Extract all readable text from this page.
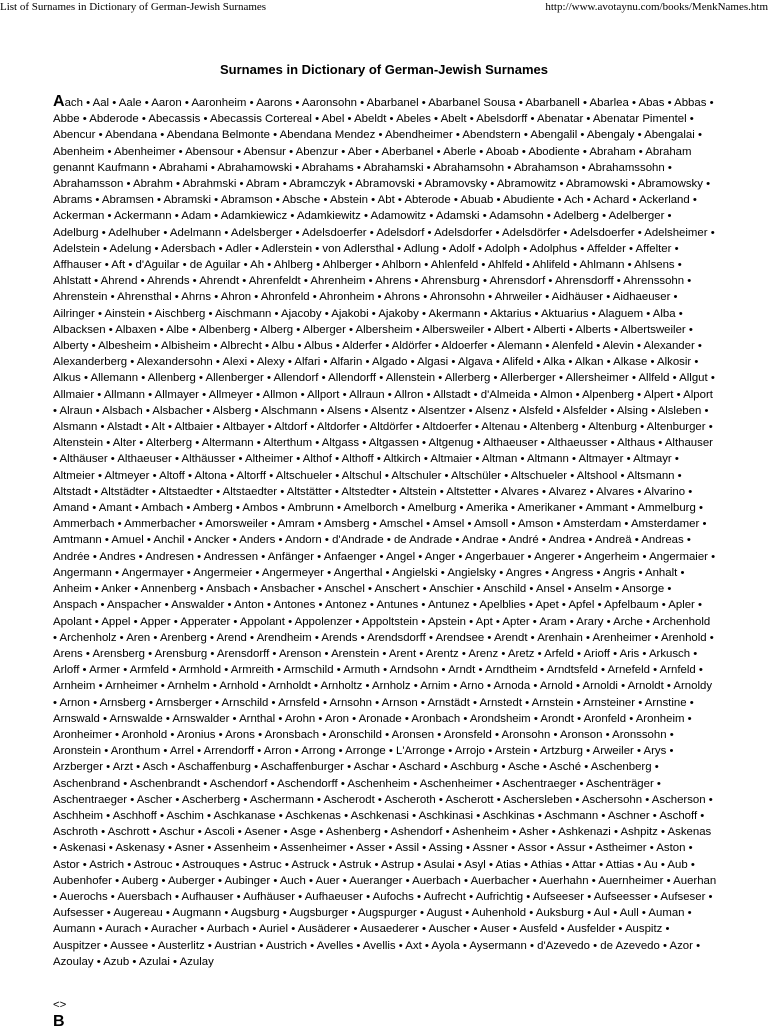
List of Surnames in Dictionary of German-Jewish Surnames	http://www.avotaynu.com/books/MenkNames.htm
Surnames in Dictionary of German-Jewish Surnames

Aach • Aal • Aale • Aaron • Aaronheim • Aarons • Aaronsohn • Abarbanel • Abarbanel Sousa • Abarbanell • Abarlea • Abas • Abbas • Abbe • Abderode • Abecassis • Abecassis Cortereal • Abel • Abeldt • Abeles • Abelt • Abelsdorff • Abenatar • Abenatar Pimentel • Abencur • Abendana • Abendana Belmonte • Abendana Mendez • Abendheimer • Abendstern • Abengalil • Abengaly • Abengalai • Abenheim • Abenheimer • Abensour • Abensur • Abenzur • Aber • Aberbanel • Aberle • Aboab • Abodiente • Abraham • Abraham genannt Kaufmann • Abrahami • Abrahamowski • Abrahams • Abrahamski • Abrahamsohn • Abrahamson • Abrahamssohn • Abrahamsson • Abrahm • Abrahmski • Abram • Abramczyk • Abramovski • Abramovsky • Abramowitz • Abramowski • Abramowsky • Abrams • Abramsen • Abramski • Abramson • Absche • Abstein • Abt • Abterode • Abuab • Abudiente • Ach • Achard • Ackerland • Ackerman • Ackermann • Adam • Adamkiewicz • Adamkiewitz • Adamowitz • Adamski • Adamsohn • Adelberg • Adelberger • Adelburg • Adelhuber • Adelmann • Adelsberger • Adelsdoerfer • Adelsdorf • Adelsdorfer • Adelsdörfer • Adelsdoerfer • Adelsheimer • Adelstein • Adelung • Adersbach • Adler • Adlerstein • von Adlersthal • Adlung • Adolf • Adolph • Adolphus • Affelder • Affelter • Affhauser • Aft • d'Aguilar • de Aguilar • Ah • Ahlberg • Ahlberger • Ahlborn • Ahlenfeld • Ahlfeld • Ahlifeld • Ahlmann • Ahlsens • Ahlstatt • Ahrend • Ahrends • Ahrendt • Ahrenfeldt • Ahrenheim • Ahrens • Ahrensburg • Ahrensdorf • Ahrensdorff • Ahrenssohn • Ahrenstein • Ahrensthal • Ahrns • Ahron • Ahronfeld • Ahronheim • Ahrons • Ahronsohn • Ahrweiler • Aidhäuser • Aidhaeuser • Ailringer • Ainstein • Aischberg • Aischmann • Ajacoby • Ajakobi • Ajakoby • Akermann • Aktarius • Aktuarius • Alaguem • Alba • Albacksen • Albaxen • Albe • Albenberg • Alberg • Alberger • Albersheim • Albersweiler • Albert • Alberti • Alberts • Albertsweiler • Alberty • Albesheim • Albisheim • Albrecht • Albu • Albus • Alderfer • Aldörfer • Aldoerfer • Alemann • Alenfeld • Alevin • Alexander • Alexanderberg • Alexandersohn • Alexi • Alexy • Alfari • Alfarin • Algado • Algasi • Algava • Alifeld • Alka • Alkan • Alkase • Alkosir • Alkus • Allemann • Allenberg • Allenberger • Allendorf • Allendorff • Allenstein • Allerberg • Allerberger • Allersheimer • Allfeld • Allgut • Allmaier • Allmann • Allmayer • Allmeyer • Allmon • Allport • Allraun • Allron • Allstadt • d'Almeida • Almon • Alpenberg • Alpert • Alport • Alraun • Alsbach • Alsbacher • Alsberg • Alschmann • Alsens • Alsentz • Alsentzer • Alsenz • Alsfeld • Alsfelder • Alsing • Alsleben • Alsmann • Alstadt • Alt • Altbaier • Altbayer • Altdorf • Altdorfer • Altdörfer • Altdoerfer • Altenau • Altenberg • Altenburg • Altenburger • Altenstein • Alter • Alterberg • Altermann • Alterthum • Altgass • Altgassen • Altgenug • Althaeuser • Althaeusser • Althaus • Althauser • Althäuser • Althaeuser • Althäusser • Altheimer • Althof • Althoff • Altkirch • Altmaier • Altman • Altmann • Altmayer • Altmayr • Altmeier • Altmeyer • Altoff • Altona • Altorff • Altschueler • Altschul • Altschuler • Altschüler • Altschueler • Altshool • Altsmann • Altstadt • Altstädter • Altstaedter • Altstaedter • Altstätter • Altstedter • Altstein • Altstetter • Alvares • Alvarez • Alvares • Alvarino • Amand • Amant • Ambach • Amberg • Ambos • Ambrunn • Amelborch • Amelburg • Amerika • Amerikaner • Ammant • Ammelburg • Ammerbach • Ammerbacher • Amorsweiler • Amram • Amsberg • Amschel • Amsel • Amsoll • Amson • Amsterdam • Amsterdamer • Amtmann • Amuel • Anchil • Ancker • Anders • Andorn • d'Andrade • de Andrade • Andrae • André • Andrea • Andreä • Andreas • Andrée • Andres • Andresen • Andressen • Anfänger • Anfaenger • Angel • Anger • Angerbauer • Angerer • Angerheim • Angermaier • Angermann • Angermayer • Angermeier • Angermeyer • Angerthal • Angielski • Angielsky • Angres • Angress • Angris • Anhalt • Anheim • Anker • Annenberg • Ansbach • Ansbacher • Anschel • Anschert • Anschier • Anschild • Ansel • Anselm • Ansorge • Anspach • Anspacher • Answalder • Anton • Antones • Antonez • Antunes • Antunez • Apelblies • Apet • Apfel • Apfelbaum • Apler • Apolant • Appel • Apper • Apperater • Appolant • Appolenzer • Appoltstein • Apstein • Apt • Apter • Aram • Arary • Arche • Archenhold • Archenholz • Aren • Arenberg • Arend • Arendheim • Arends • Arendsdorff • Arendsee • Arendt • Arenhain • Arenheimer • Arenhold • Arens • Arensberg • Arensburg • Arensdorff • Arenson • Arenstein • Arent • Arentz • Arenz • Aretz • Arfeld • Arioff • Aris • Arkusch • Arloff • Armer • Armfeld • Armhold • Armreith • Armschild • Armuth • Arndsohn • Arndt • Arndtheim • Arndtsfeld • Arnefeld • Arnfeld • Arnheim • Arnheimer • Arnhelm • Arnhold • Arnholdt • Arnholtz • Arnholz • Arnim • Arno • Arnoda • Arnold • Arnoldi • Arnoldt • Arnoldy • Arnon • Arnsberg • Arnsberger • Arnschild • Arnsfeld • Arnsohn • Arnson • Arnstädt • Arnstedt • Arnstein • Arnsteiner • Arnstine • Arnswald • Arnswalde • Arnswalder • Arnthal • Arohn • Aron • Aronade • Aronbach • Arondsheim • Arondt • Aronfeld • Aronheim • Aronheimer • Aronhold • Aronius • Arons • Aronsbach • Aronschild • Aronsen • Aronsfeld • Aronsohn • Aronson • Aronssohn • Aronstein • Aronthum • Arrel • Arrendorff • Arron • Arrong • Arronge • L'Arronge • Arrojo • Arstein • Artzburg • Arweiler • Arys • Arzberger • Arzt • Asch • Aschaffenburg • Aschaffenburger • Aschar • Aschard • Aschburg • Asche • Asché • Aschenberg • Aschenbrand • Aschenbrandt • Aschendorf • Aschendorff • Aschenheim • Aschenheimer • Aschentraeger • Aschenträger • Aschentraeger • Ascher • Ascherberg • Aschermann • Ascherodt • Ascheroth • Ascherott • Aschersleben • Aschersohn • Ascherson • Aschheim • Aschhoff • Aschim • Aschkanase • Aschkenas • Aschkenasi • Aschkinasi • Aschkinas • Aschmann • Aschner • Aschoff • Aschroth • Aschrott • Aschur • Ascoli • Asener • Asge • Ashenberg • Ashendorf • Ashenheim • Asher • Ashkenazi • Ashpitz • Askenas • Askenasi • Askenasy • Asner • Assenheim • Assenheimer • Asser • Assil • Assing • Assner • Assor • Assur • Astheimer • Aston • Astor • Astrich • Astrouc • Astrouques • Astruc • Astruck • Astruk • Astrup • Asulai • Asyl • Atias • Athias • Attar • Attias • Au • Aub • Aubenhofer • Auberg • Auberger • Aubinger • Auch • Auer • Aueranger • Auerbach • Auerbacher • Auerhahn • Auernheimer • Auerhan • Auerochs • Auersbach • Aufhauser • Aufhäuser • Aufhaeuser • Aufochs • Aufrecht • Aufrichtig • Aufseeser • Aufseesser • Aufseser • Aufsesser • Augereau • Augmann • Augsburg • Augsburger • Augspurger • August • Auhenhold • Auksburg • Aul • Aull • Auman • Aumann • Aurach • Auracher • Aurbach • Auriel • Ausäderer • Ausaederer • Auscher • Auser • Ausfeld • Ausfelder • Auspitz • Auspitzer • Aussee • Austerlitz • Austrian • Austrich • Avelles • Avellis • Axt • Ayola • Aysermann • d'Azevedo • de Azevedo • Azor • Azoulay • Azub • Azulai • Azulay

<>
B
